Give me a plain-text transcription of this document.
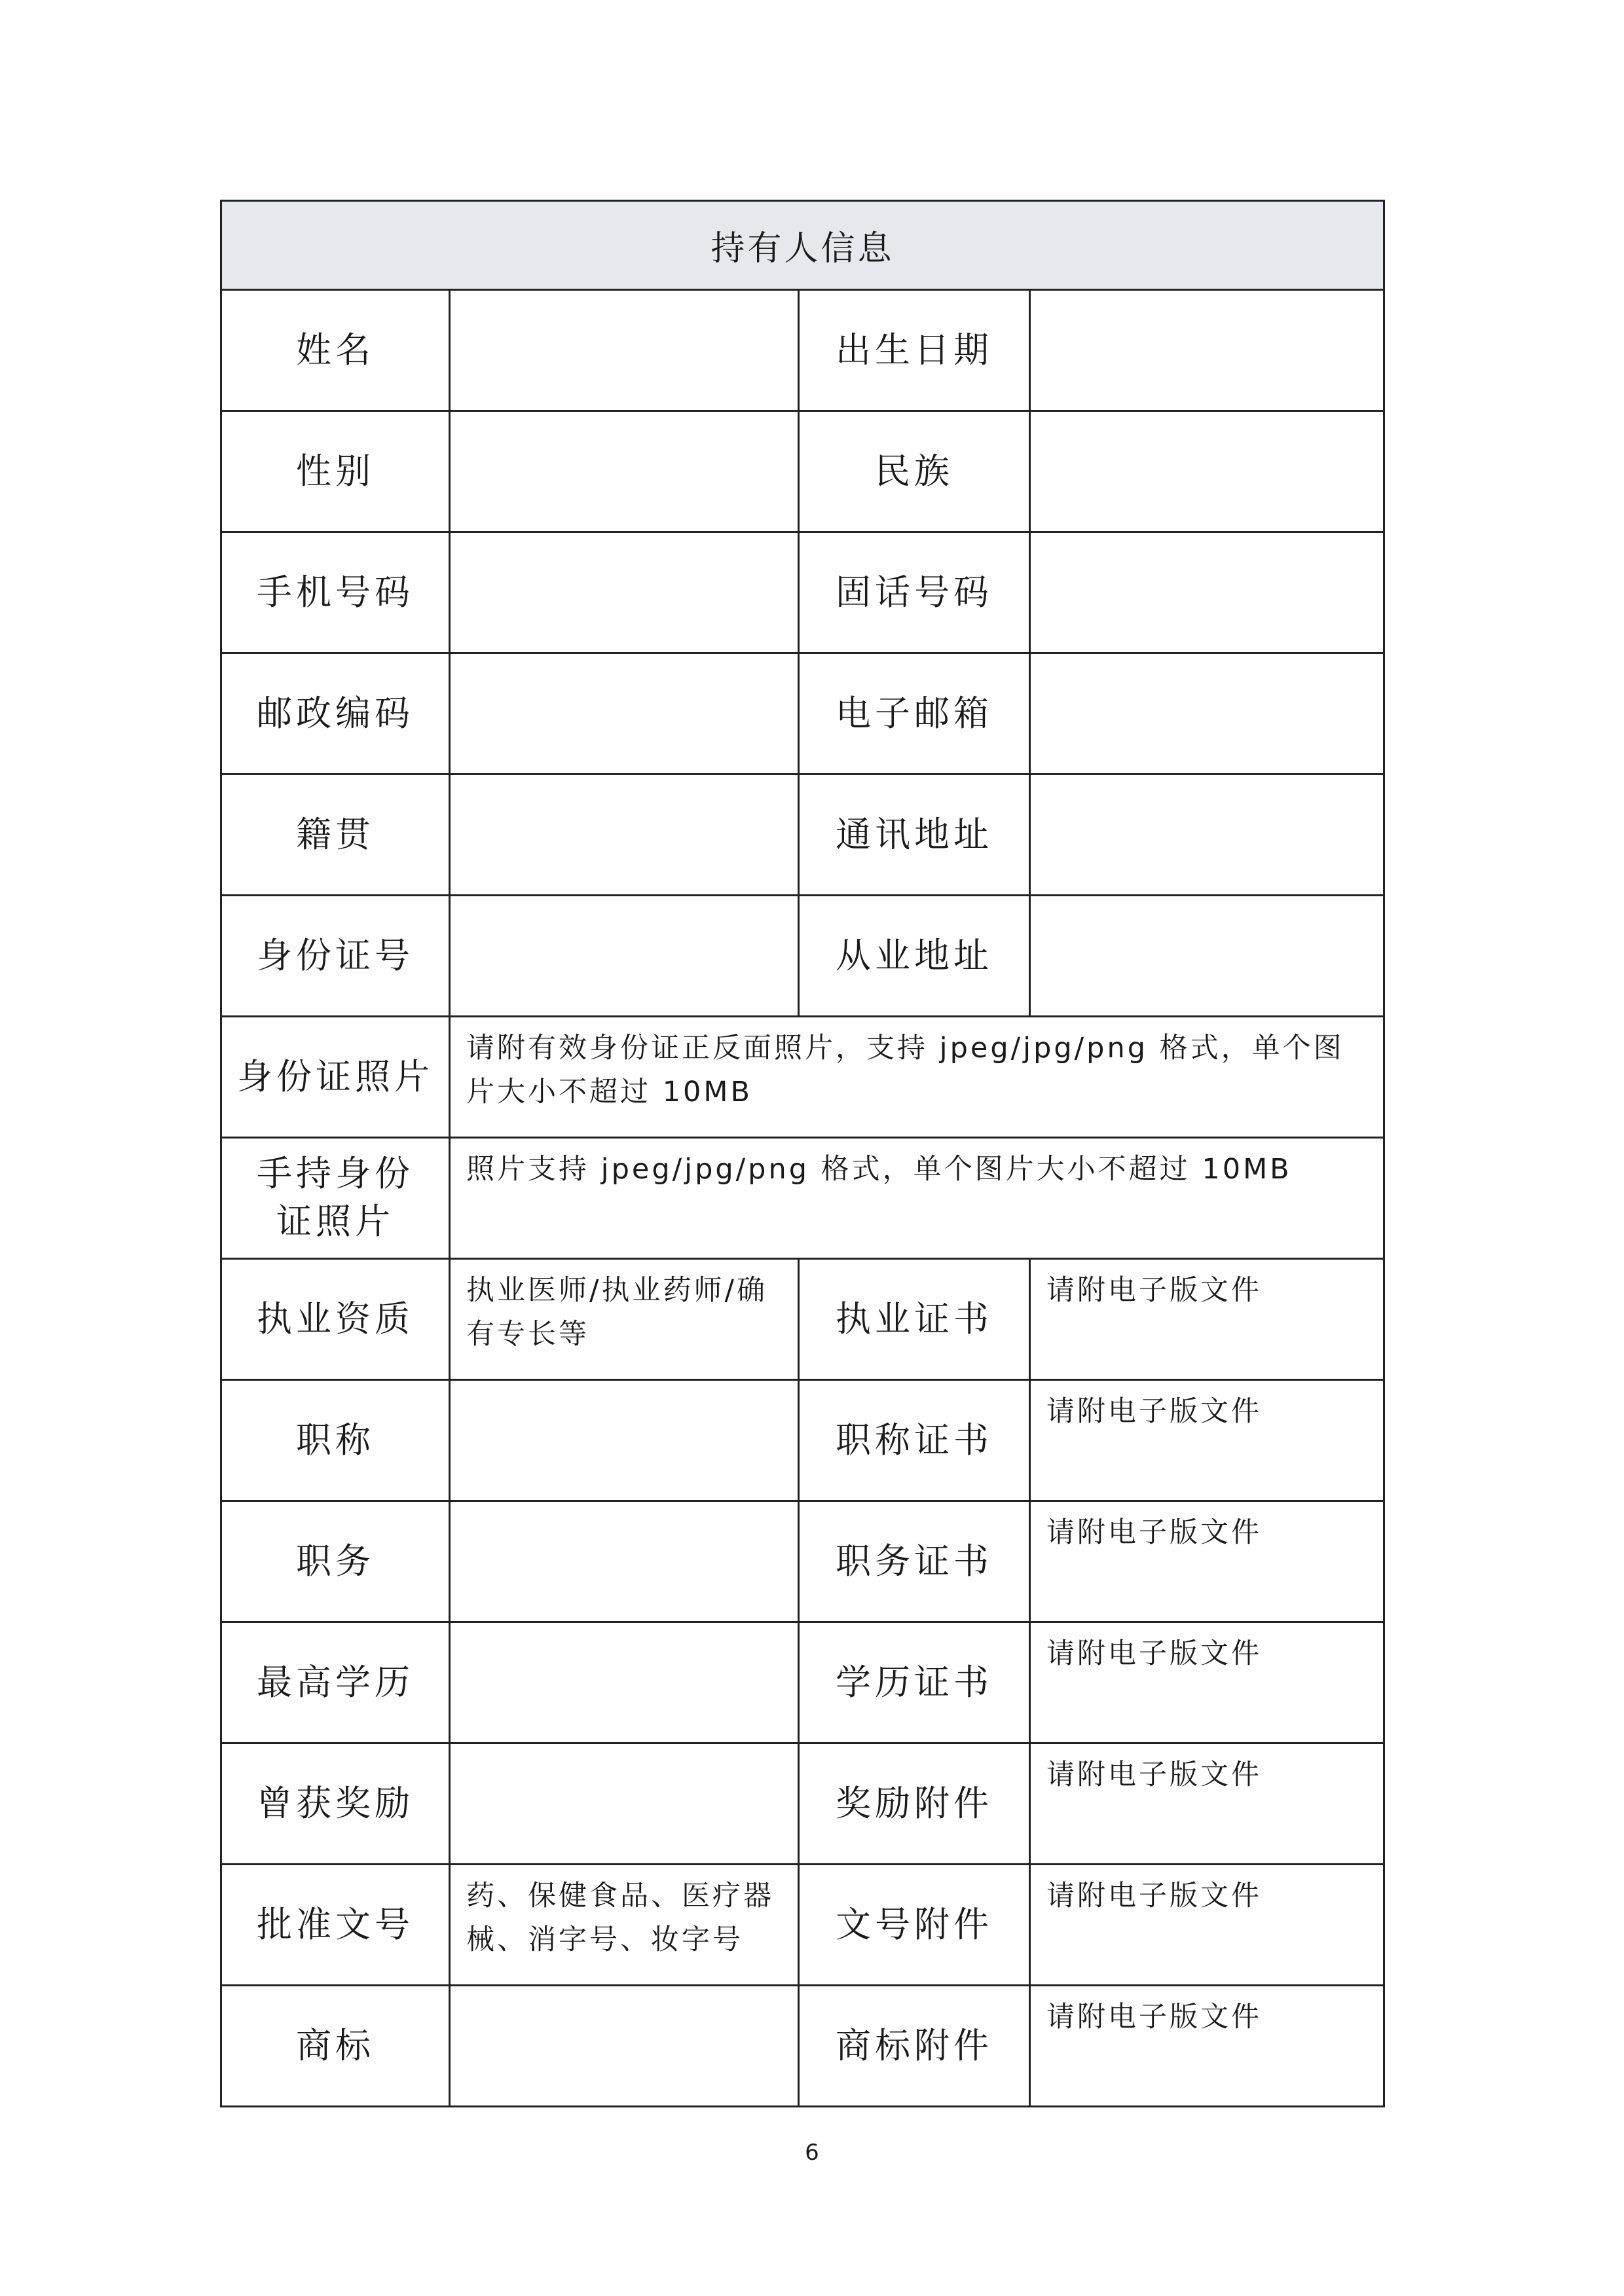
持有人信息			
姓名		出生日期	
性别		民族	
手机号码		固话号码	
邮政编码		电子邮箱	
籍贯		通讯地址	
身份证号		从业地址	
身份证照片	请附有效身份证正反面照片，支持 jpeg/jpg/png 格式，单个图片大小不超过 10MB		
手持身份证照片	照片支持 jpeg/jpg/png 格式，单个图片大小不超过 10MB		
执业资质	执业医师/执业药师/确有专长等	执业证书	请附电子版文件
职称		职称证书	请附电子版文件
职务		职务证书	请附电子版文件
最高学历		学历证书	请附电子版文件
曾获奖励		奖励附件	请附电子版文件
批准文号	药、保健食品、医疗器械、消字号、妆字号	文号附件	请附电子版文件
商标		商标附件	请附电子版文件
6
